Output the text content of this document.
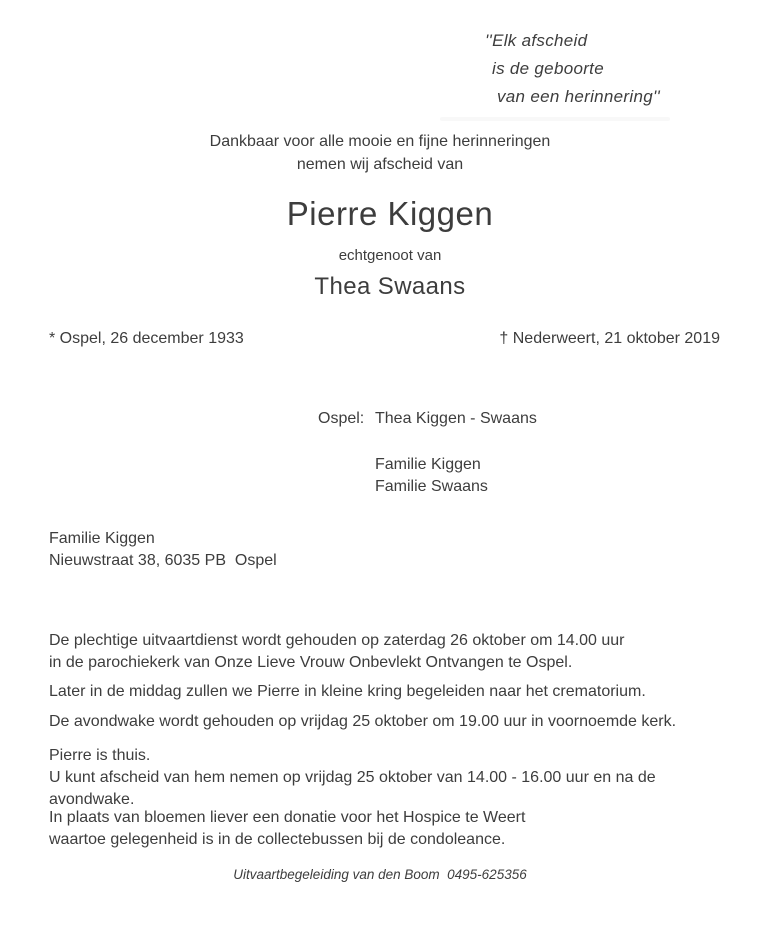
''Elk afscheid
is de geboorte
van een herinnering''
Dankbaar voor alle mooie en fijne herinneringen
nemen wij afscheid van
Pierre Kiggen
echtgenoot van
Thea Swaans
* Ospel, 26 december 1933	† Nederweert, 21 oktober 2019
Ospel: Thea Kiggen - Swaans
Familie Kiggen
Familie Swaans
Familie Kiggen
Nieuwstraat 38, 6035 PB  Ospel
De plechtige uitvaartdienst wordt gehouden op zaterdag 26 oktober om 14.00 uur
in de parochiekerk van Onze Lieve Vrouw Onbevlekt Ontvangen te Ospel.
Later in de middag zullen we Pierre in kleine kring begeleiden naar het crematorium.
De avondwake wordt gehouden op vrijdag 25 oktober om 19.00 uur in voornoemde kerk.
Pierre is thuis.
U kunt afscheid van hem nemen op vrijdag 25 oktober van 14.00 - 16.00 uur en na de avondwake.
In plaats van bloemen liever een donatie voor het Hospice te Weert
waartoe gelegenheid is in de collectebussen bij de condoleance.
Uitvaartbegeleiding van den Boom  0495-625356
